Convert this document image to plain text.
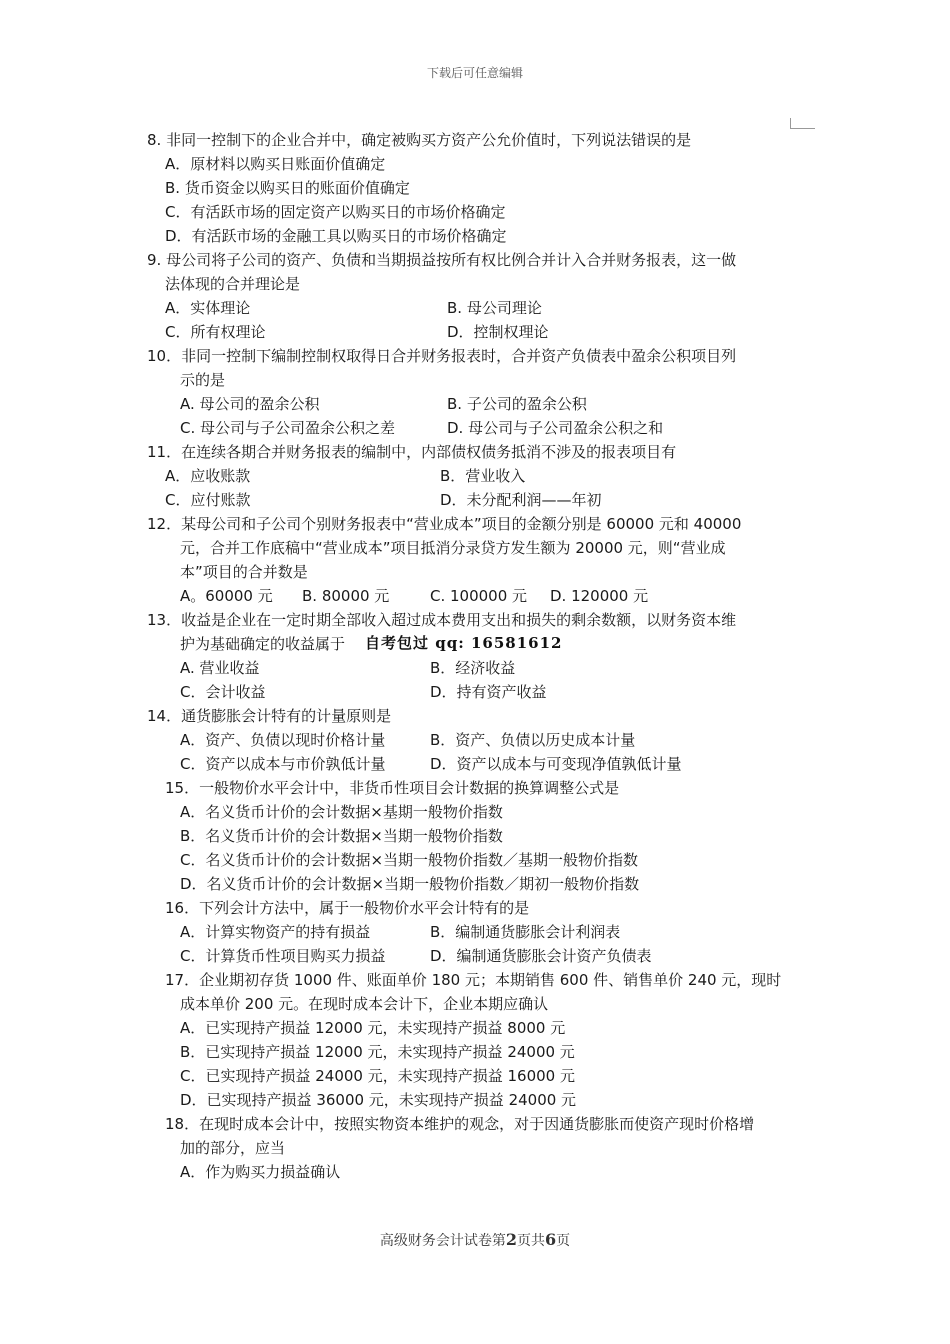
下载后可任意编辑
8. 非同一控制下的企业合并中，确定被购买方资产公允价值时，下列说法错误的是
A．原材料以购买日账面价值确定
B. 货币资金以购买日的账面价值确定
C．有活跃市场的固定资产以购买日的市场价格确定
D．有活跃市场的金融工具以购买日的市场价格确定
9. 母公司将子公司的资产、负债和当期损益按所有权比例合并计入合并财务报表，这一做
法体现的合并理论是
A．实体理论	B. 母公司理论
C．所有权理论	D．控制权理论
10．非同一控制下编制控制权取得日合并财务报表时，合并资产负债表中盈余公积项目列
示的是
A. 母公司的盈余公积	B. 子公司的盈余公积
C. 母公司与子公司盈余公积之差	D. 母公司与子公司盈余公积之和
11．在连续各期合并财务报表的编制中，内部债权债务抵消不涉及的报表项目有
A．应收账款	B．营业收入
C．应付账款	D．未分配利润——年初
12．某母公司和子公司个别财务报表中“营业成本”项目的金额分别是 60000 元和 40000
元，合并工作底稿中“营业成本”项目抵消分录贷方发生额为 20000 元，则“营业成
本”项目的合并数是
A。60000 元 B. 80000 元	C. 100000 元 D. 120000 元
13．收益是企业在一定时期全部收入超过成本费用支出和损失的剩余数额，以财务资本维
护为基础确定的收益属于 自考包过 qq: 16581612
A. 营业收益	B．经济收益
C．会计收益	D．持有资产收益
14．通货膨胀会计特有的计量原则是
A．资产、负债以现时价格计量	B．资产、负债以历史成本计量
C．资产以成本与市价孰低计量	D．资产以成本与可变现净值孰低计量
15．一般物价水平会计中，非货币性项目会计数据的换算调整公式是
A．名义货币计价的会计数据×基期一般物价指数
B．名义货币计价的会计数据×当期一般物价指数
C．名义货币计价的会计数据×当期一般物价指数／基期一般物价指数
D．名义货币计价的会计数据×当期一般物价指数／期初一般物价指数
16．下列会计方法中，属于一般物价水平会计特有的是
A．计算实物资产的持有损益	B．编制通货膨胀会计利润表
C．计算货币性项目购买力损益	D．编制通货膨胀会计资产负债表
17．企业期初存货 1000 件、账面单价 180 元；本期销售 600 件、销售单价 240 元，现时
成本单价 200 元。在现时成本会计下，企业本期应确认
A．已实现持产损益 12000 元，未实现持产损益 8000 元
B．已实现持产损益 12000 元，未实现持产损益 24000 元
C．已实现持产损益 24000 元，未实现持产损益 16000 元
D．已实现持产损益 36000 元，未实现持产损益 24000 元
18．在现时成本会计中，按照实物资本维护的观念，对于因通货膨胀而使资产现时价格增
加的部分，应当
A．作为购买力损益确认
高级财务会计试卷第2页共6页
